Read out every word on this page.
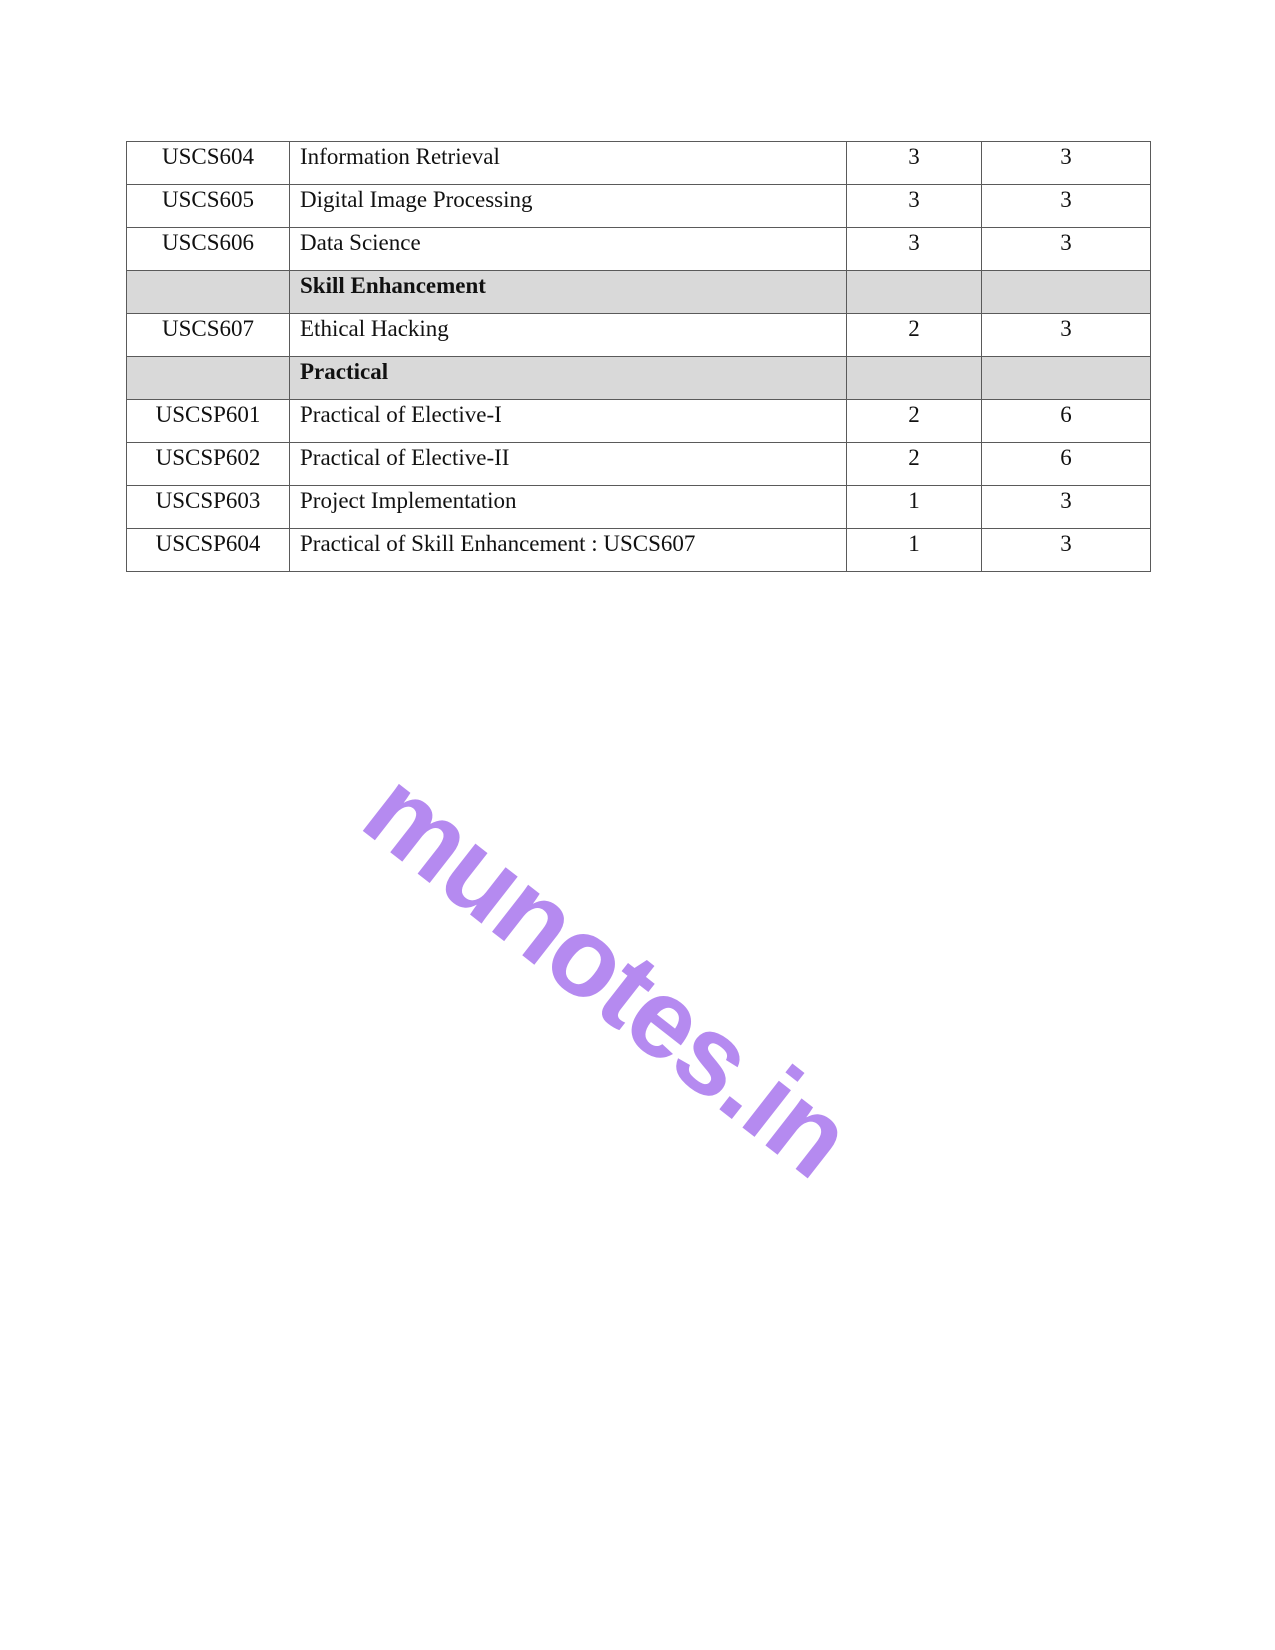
USCS604	Information Retrieval	3	3
USCS605	Digital Image Processing	3	3
USCS606	Data Science	3	3
	Skill Enhancement		
USCS607	Ethical Hacking	2	3
	Practical		
USCSP601	Practical of Elective-I	2	6
USCSP602	Practical of Elective-II	2	6
USCSP603	Project Implementation	1	3
USCSP604	Practical of Skill Enhancement : USCS607	1	3
munotes.in
